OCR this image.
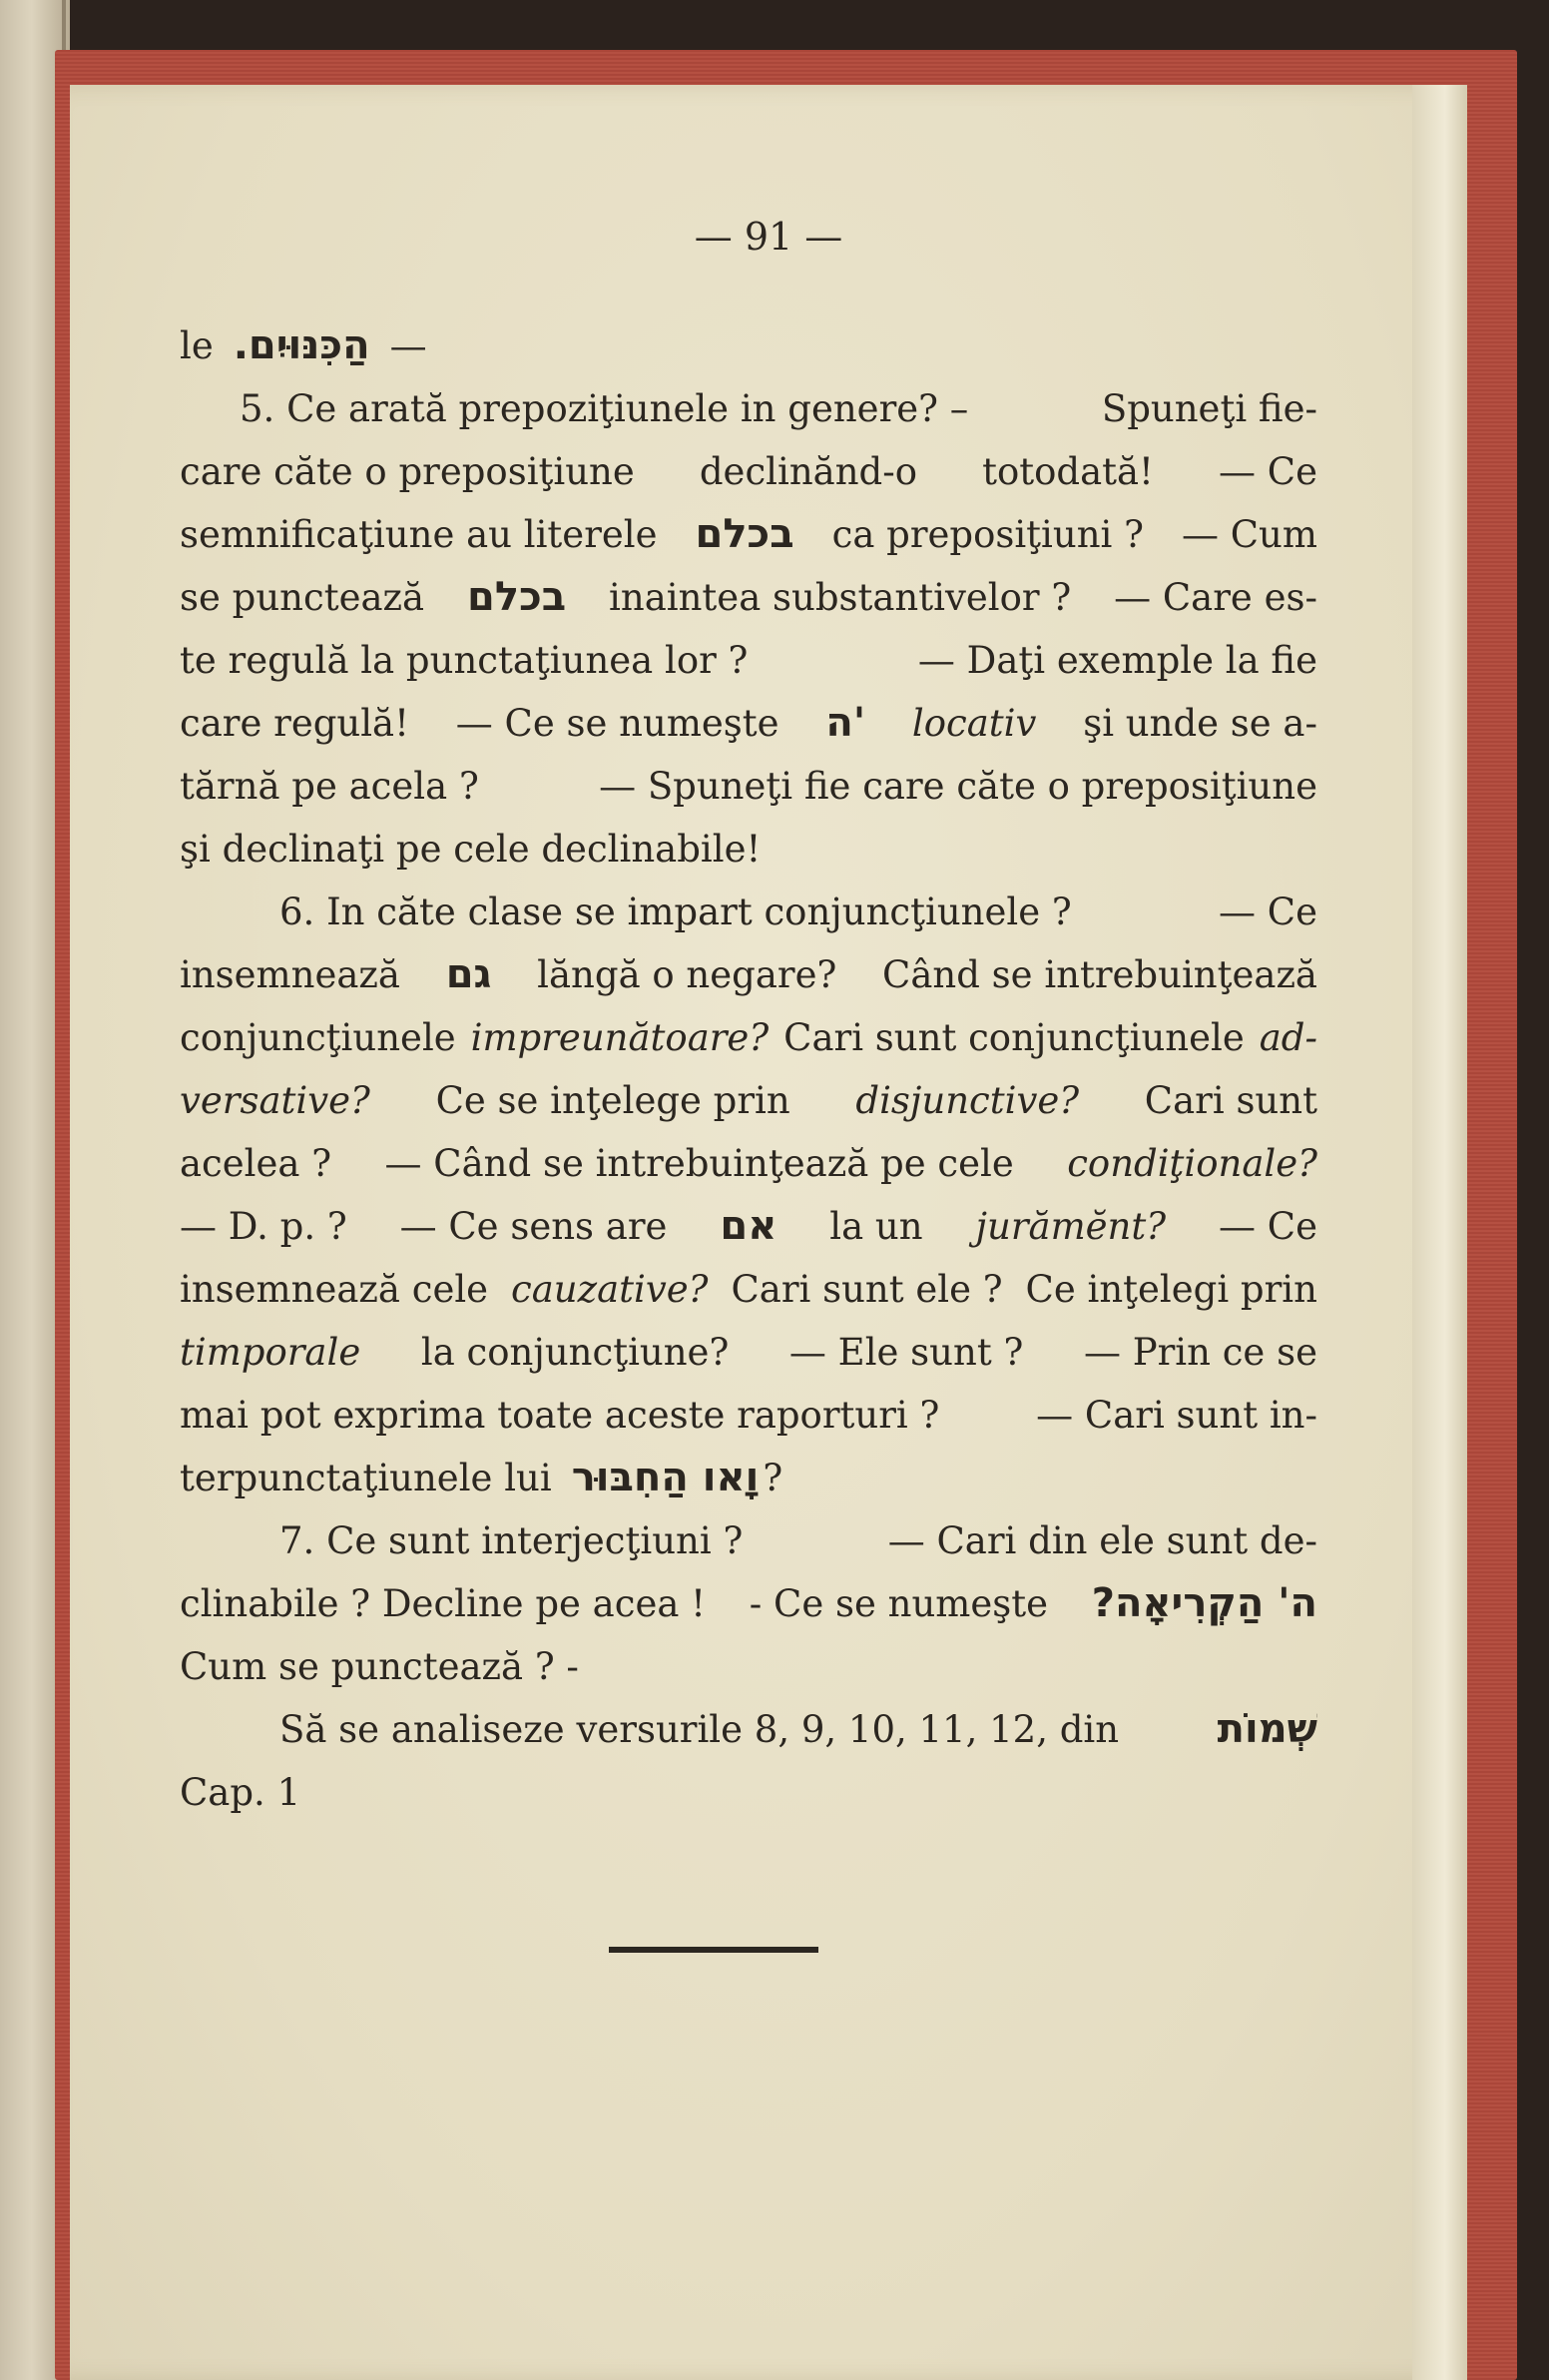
— 91 —
le הַכִּנּוּיִם. —
5. Ce arată prepoziţiunele in genere? –	Spuneţi fie-
care căte o preposiţiune declinănd-o totodată! — Ce
semnificaţiune au literele בכלם ca preposiţiuni ? — Cum
se punctează בכלם inaintea substantivelor ? — Care es-
te regulă la punctaţiunea lor ?	— Daţi exemple la fie
care regulă! — Ce se numeşte 'ה locativ şi unde se a-
tărnă pe acela ?	— Spuneţi fie care căte o preposiţiune
şi declinaţi pe cele declinabile!
6. In căte clase se impart conjuncţiunele ?	— Ce
insemnează גם lăngă o negare? Când se intrebuinţează
conjuncţiunele impreunătoare? Cari sunt conjuncţiunele ad-
versative? Ce se inţelege prin disjunctive? Cari sunt
acelea ? — Când se intrebuinţează pe cele condiţionale?
— D. p. ? — Ce sens are אם la un jurămĕnt? — Ce
insemnează cele cauzative? Cari sunt ele ? Ce inţelegi prin
timporale la conjuncţiune? — Ele sunt ? — Prin ce se
mai pot exprima toate aceste raporturi ?	— Cari sunt in-
terpunctaţiunele lui וָאו הַחִבּוּר ?
7. Ce sunt interjecţiuni ?	— Cari din ele sunt de-
clinabile ? Decline pe acea ! - Ce se numeşte ה' הַקְרִיאָה?
Cum se punctează ? -
Să se analiseze versurile 8, 9, 10, 11, 12, din שְׁמוֹת
Cap. 1
